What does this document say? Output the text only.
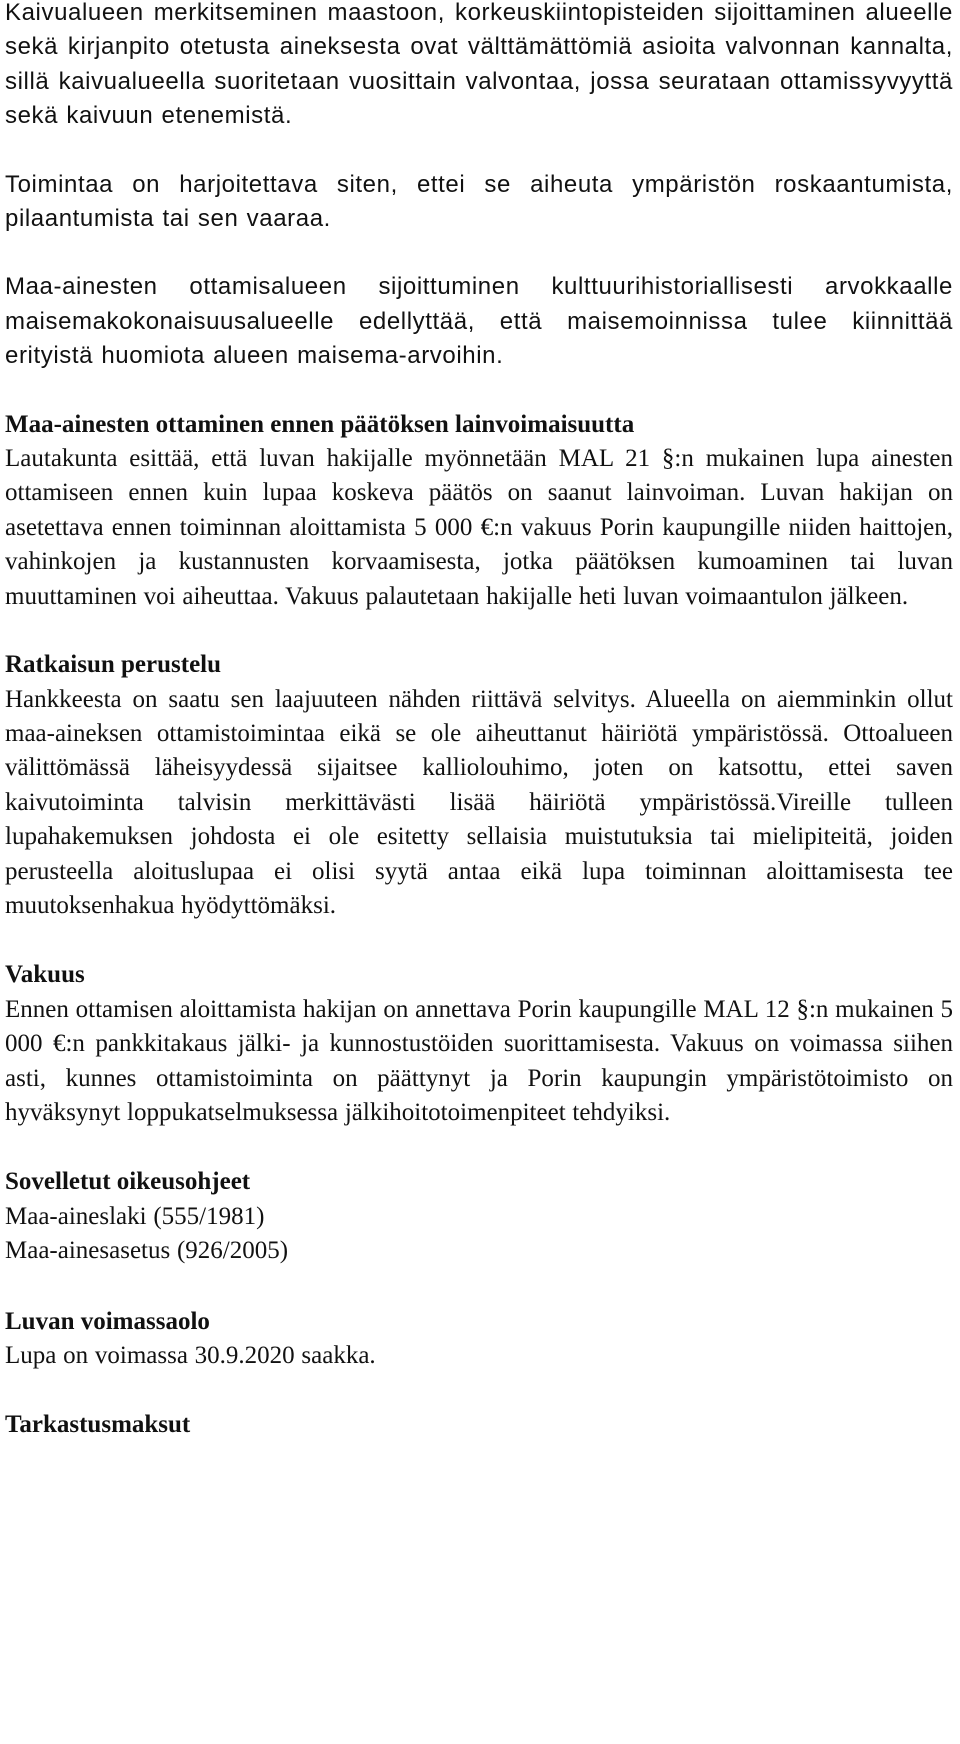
Kaivualueen merkitseminen maastoon, korkeuskiintopisteiden sijoittaminen alueelle sekä kirjanpito otetusta aineksesta ovat välttämättömiä asioita valvonnan kannalta, sillä kaivualueella suoritetaan vuosittain valvontaa, jossa seurataan ottamissyvyyttä sekä kaivuun etenemistä.

Toimintaa on harjoitettava siten, ettei se aiheuta ympäristön roskaantumista, pilaantumista tai sen vaaraa.

Maa-ainesten ottamisalueen sijoittuminen kulttuurihistoriallisesti arvokkaalle maisemakokonaisuusalueelle edellyttää, että maisemoinnissa tulee kiinnittää erityistä huomiota alueen maisema-arvoihin.

Maa-ainesten ottaminen ennen päätöksen lainvoimaisuutta

Lautakunta esittää, että luvan hakijalle myönnetään MAL 21 §:n mukainen lupa ainesten ottamiseen ennen kuin lupaa koskeva päätös on saanut lainvoiman. Luvan hakijan on asetettava ennen toiminnan aloittamista 5 000 €:n vakuus Porin kaupungille niiden haittojen, vahinkojen ja kustannusten korvaamisesta, jotka päätöksen kumoaminen tai luvan muuttaminen voi aiheuttaa. Vakuus palautetaan hakijalle heti luvan voimaantulon jälkeen.

Ratkaisun perustelu

Hankkeesta on saatu sen laajuuteen nähden riittävä selvitys. Alueella on aiemminkin ollut maa-aineksen ottamistoimintaa eikä se ole aiheuttanut häiriötä ympäristössä. Ottoalueen välittömässä läheisyydessä sijaitsee kalliolouhimo, joten on katsottu, ettei saven kaivutoiminta talvisin merkittävästi lisää häiriötä ympäristössä.Vireille tulleen lupahakemuksen johdosta ei ole esitetty sellaisia muistutuksia tai mielipiteitä, joiden perusteella aloituslupaa ei olisi syytä antaa eikä lupa toiminnan aloittamisesta tee muutoksenhakua hyödyttömäksi.

Vakuus

Ennen ottamisen aloittamista hakijan on annettava Porin kaupungille MAL 12 §:n mukainen 5 000 €:n pankkitakaus jälki- ja kunnostustöiden suorittamisesta. Vakuus on voimassa siihen asti, kunnes ottamistoiminta on päättynyt ja Porin kaupungin ympäristötoimisto on hyväksynyt loppukatselmuksessa jälkihoitotoimenpiteet tehdyiksi.

Sovelletut oikeusohjeet

Maa-aineslaki (555/1981)

Maa-ainesasetus (926/2005)

Luvan voimassaolo

Lupa on voimassa 30.9.2020 saakka.

Tarkastusmaksut
